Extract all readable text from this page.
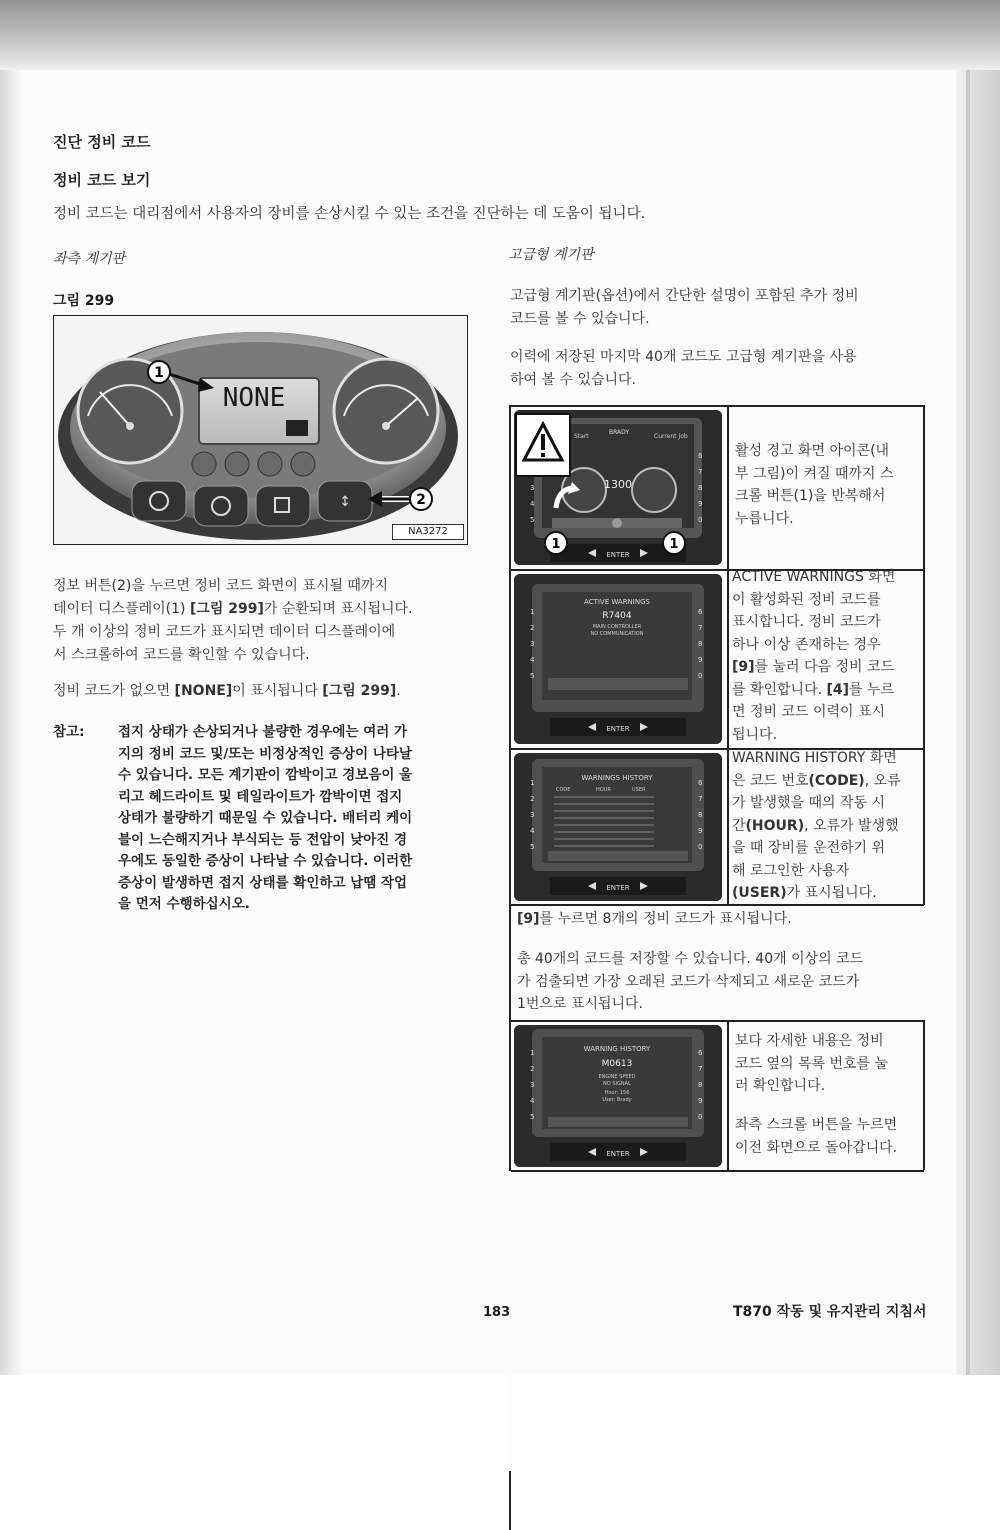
진단 정비 코드
정비 코드 보기
정비 코드는 대리점에서 사용자의 장비를 손상시킬 수 있는 조건을 진단하는 데 도움이 됩니다.
좌측 계기판
그림 299
NONE
↕
1
2
NA3272
정보 버튼(2)을 누르면 정비 코드 화면이 표시될 때까지
데이터 디스플레이(1) [그림 299]가 순환되며 표시됩니다.
두 개 이상의 정비 코드가 표시되면 데이터 디스플레이에
서 스크롤하여 코드를 확인할 수 있습니다.
정비 코드가 없으면 [NONE]이 표시됩니다 [그림 299].
참고: 접지 상태가 손상되거나 불량한 경우에는 여러 가
지의 정비 코드 및/또는 비정상적인 증상이 나타날
수 있습니다. 모든 계기판이 깜박이고 경보음이 울
리고 헤드라이트 및 테일라이트가 깜박이면 접지
상태가 불량하기 때문일 수 있습니다. 배터리 케이
블이 느슨해지거나 부식되는 등 전압이 낮아진 경
우에도 동일한 증상이 나타날 수 있습니다. 이러한
증상이 발생하면 접지 상태를 확인하고 납땜 작업
을 먼저 수행하십시오.
고급형 계기판
고급형 계기판(옵션)에서 간단한 설명이 포함된 추가 정비
코드를 볼 수 있습니다.
이력에 저장된 마지막 40개 코드도 고급형 계기판을 사용
하여 볼 수 있습니다.
Start
BRADY
Current Job
1300
ENTER
1	1
6
7
8
9
0
3
4
5
활성 경고 화면 아이콘(내
부 그림)이 켜질 때까지 스
크롤 버튼(1)을 반복해서
누릅니다.
ACTIVE WARNINGS
R7404
MAIN CONTROLLER
NO COMMUNICATION
ENTER
6
7
8
9
0
1
2
3
4
5
ACTIVE WARNINGS 화면
이 활성화된 정비 코드를
표시합니다. 정비 코드가
하나 이상 존재하는 경우
[9]를 눌러 다음 정비 코드
를 확인합니다. [4]를 누르
면 정비 코드 이력이 표시
됩니다.
WARNINGS HISTORY
CODE	HOUR	USER
ENTER
6
7
8
9
0
1
2
3
4
5
WARNING HISTORY 화면
은 코드 번호(CODE), 오류
가 발생했을 때의 작동 시
간(HOUR), 오류가 발생했
을 때 장비를 운전하기 위
해 로그인한 사용자
(USER)가 표시됩니다.
[9]를 누르면 8개의 정비 코드가 표시됩니다.
총 40개의 코드를 저장할 수 있습니다. 40개 이상의 코드
가 검출되면 가장 오래된 코드가 삭제되고 새로운 코드가
1번으로 표시됩니다.
WARNING HISTORY
M0613
ENGINE SPEED
NO SIGNAL
Hour: 156
User: Brady
ENTER
6
7
8
9
0
1
2
3
4
5
보다 자세한 내용은 정비
코드 옆의 목록 번호를 눌
러 확인합니다.
좌측 스크롤 버튼을 누르면
이전 화면으로 돌아갑니다.
183	T870 작동 및 유지관리 지침서
